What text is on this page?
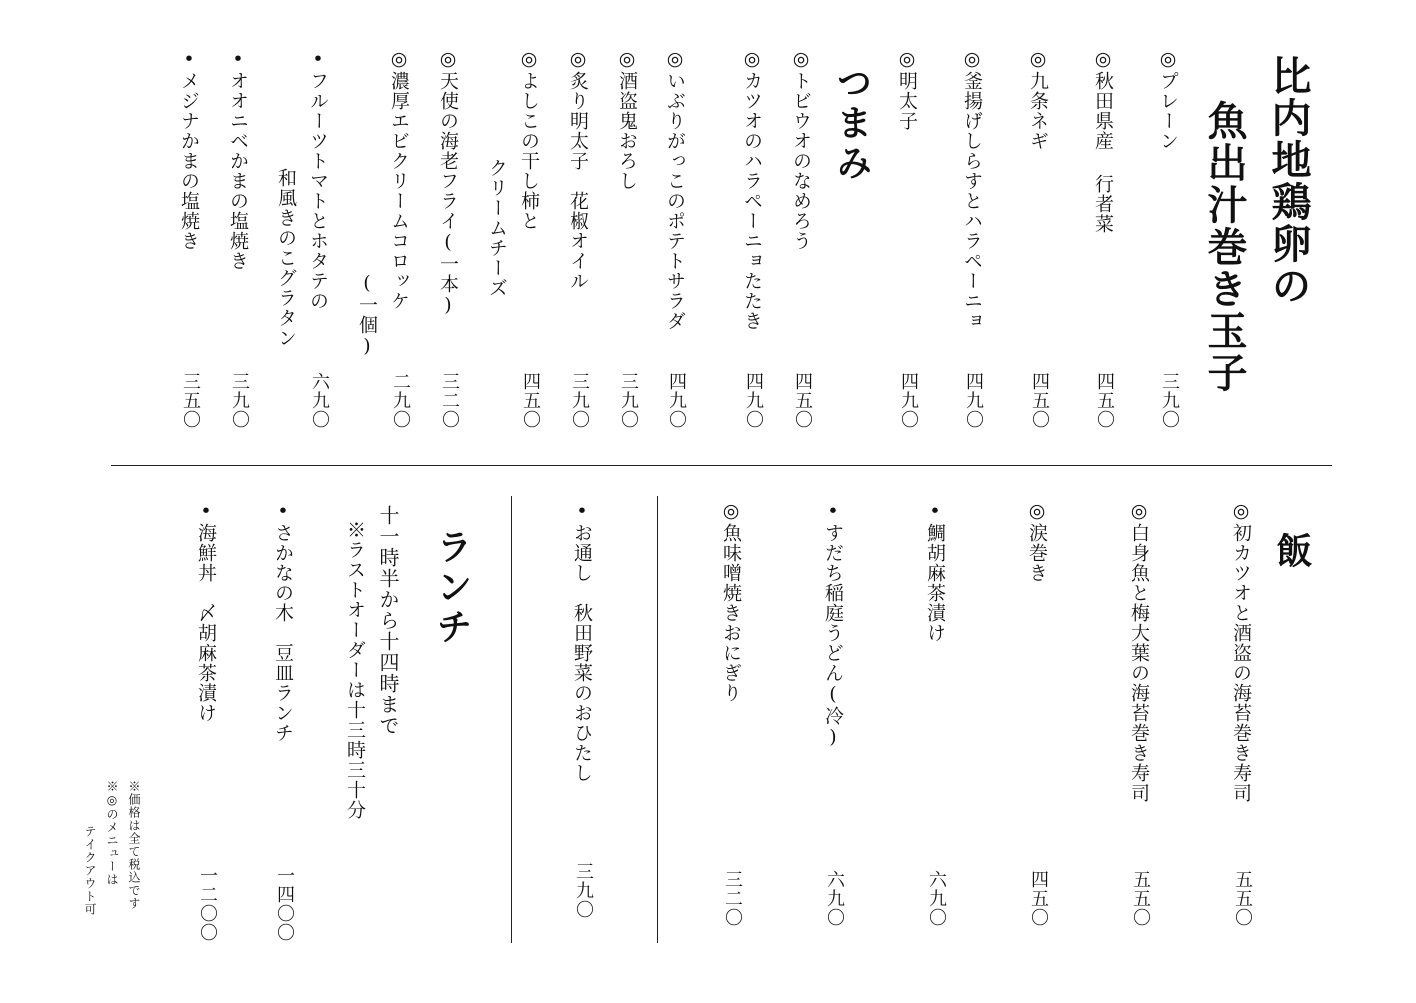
比内地鶏卵の
魚出汁巻き玉子
◎プレーン
三九〇
◎秋田県産 行者菜
四五〇
◎九条ネギ
四五〇
◎釜揚げしらすとハラペーニョ
四九〇
◎明太子
四九〇
つまみ
◎トビウオのなめろう
四五〇
◎カツオのハラペーニョたたき
四九〇
◎いぶりがっこのポテトサラダ
四九〇
◎酒盗鬼おろし
三九〇
◎炙り明太子　花椒オイル
三九〇
◎よしこの干し柿と
クリームチーズ
四五〇
◎天使の海老フライ(一本)
三二〇
◎濃厚エビクリームコロッケ
(一個)
二九〇
•フルーツトマトとホタテの
和風きのこグラタン
六九〇
•オオニベかまの塩焼き
三九〇
•メジナかまの塩焼き
三五〇
飯
◎初カツオと酒盗の海苔巻き寿司
五五〇
◎白身魚と梅大葉の海苔巻き寿司
五五〇
◎涙巻き
四五〇
•鯛胡麻茶漬け
六九〇
•すだち稲庭うどん(冷)
六九〇
◎魚味噌焼きおにぎり
三二〇
•お通し　秋田野菜のおひたし
三九〇
ランチ
十一時半から十四時まで
※ラストオーダーは十三時三十分
•さかなの木　豆皿ランチ
一四〇〇
•海鮮丼　〆胡麻茶漬け
一二〇〇
※価格は全て税込です
※◎のメニューは
テイクアウト可
